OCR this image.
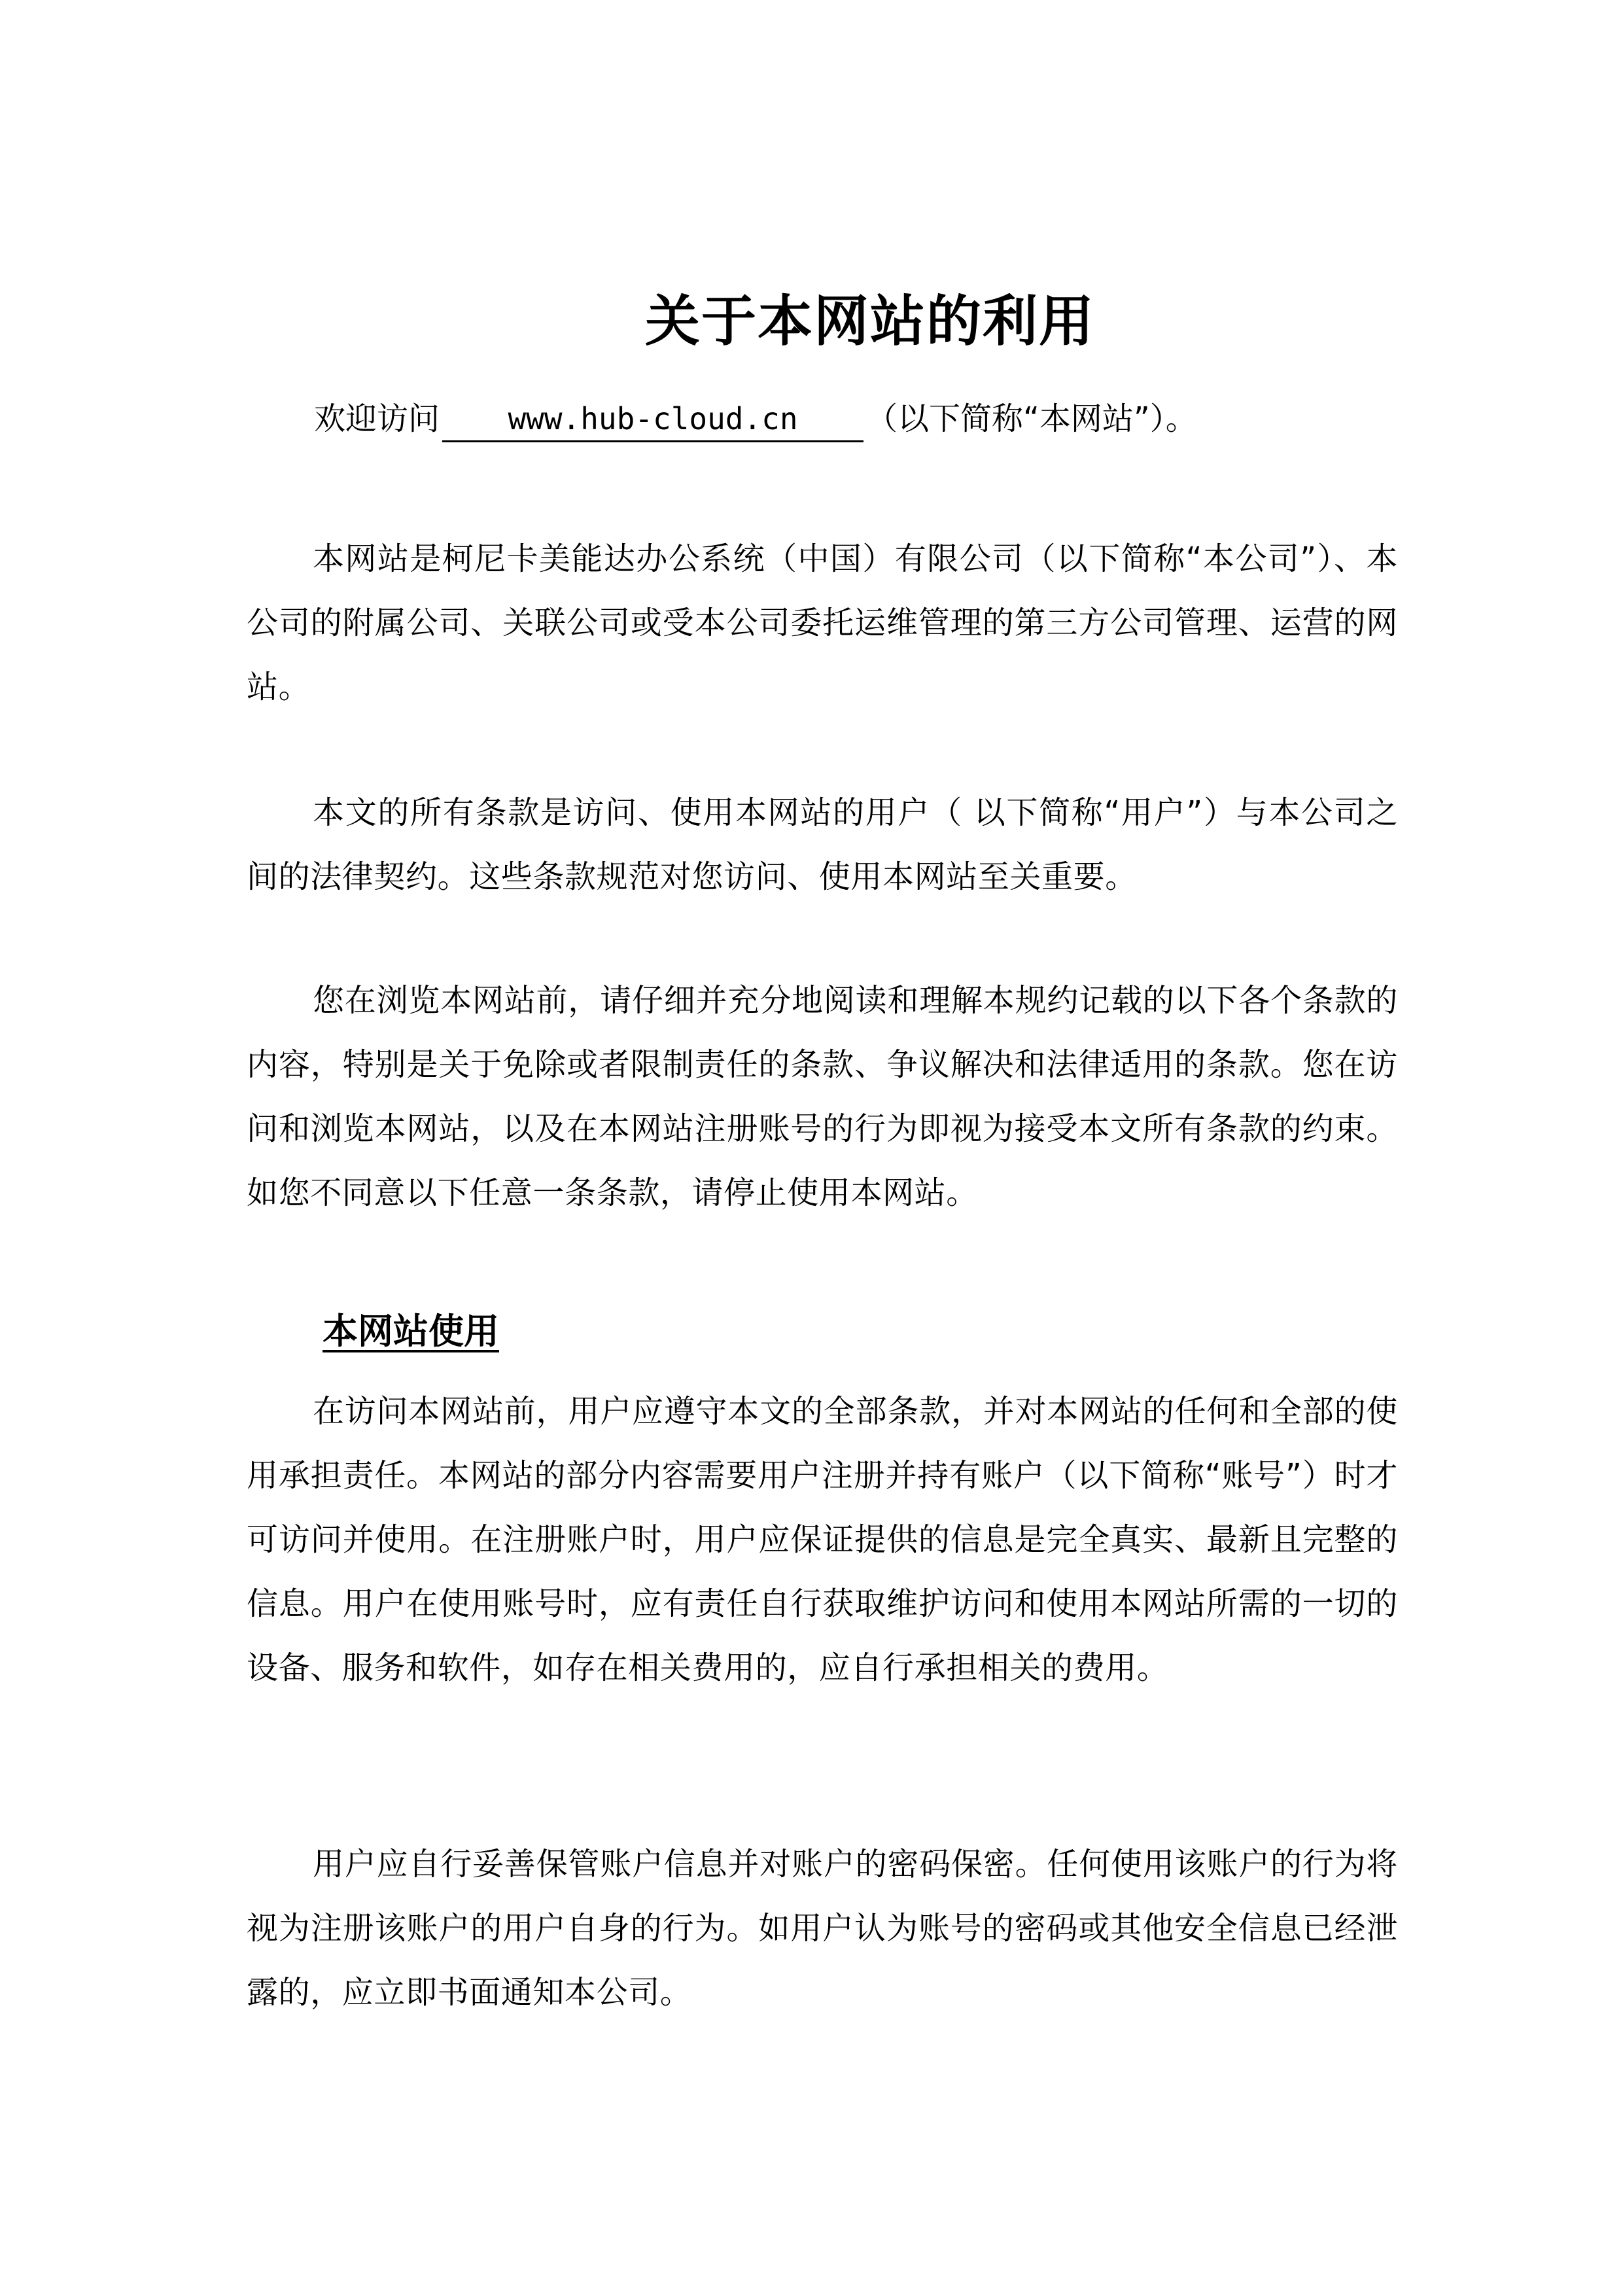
关于本网站的利用
欢迎访问 www.hub-cloud.cn （以下简称“本网站”）。

本网站是柯尼卡美能达办公系统（中国）有限公司（以下简称“本公司”）、本公司的附属公司、关联公司或受本公司委托运维管理的第三方公司管理、运营的网站。

本文的所有条款是访问、使用本网站的用户（ 以下简称“用户”）与本公司之间的法律契约。这些条款规范对您访问、使用本网站至关重要。

您在浏览本网站前，请仔细并充分地阅读和理解本规约记载的以下各个条款的内容，特别是关于免除或者限制责任的条款、争议解决和法律适用的条款。您在访问和浏览本网站，以及在本网站注册账号的行为即视为接受本文所有条款的约束。如您不同意以下任意一条条款，请停止使用本网站。

本网站使用

在访问本网站前，用户应遵守本文的全部条款，并对本网站的任何和全部的使用承担责任。本网站的部分内容需要用户注册并持有账户（以下简称“账号”）时才可访问并使用。在注册账户时，用户应保证提供的信息是完全真实、最新且完整的信息。用户在使用账号时，应有责任自行获取维护访问和使用本网站所需的一切的设备、服务和软件，如存在相关费用的，应自行承担相关的费用。

用户应自行妥善保管账户信息并对账户的密码保密。任何使用该账户的行为将视为注册该账户的用户自身的行为。如用户认为账号的密码或其他安全信息已经泄露的，应立即书面通知本公司。
